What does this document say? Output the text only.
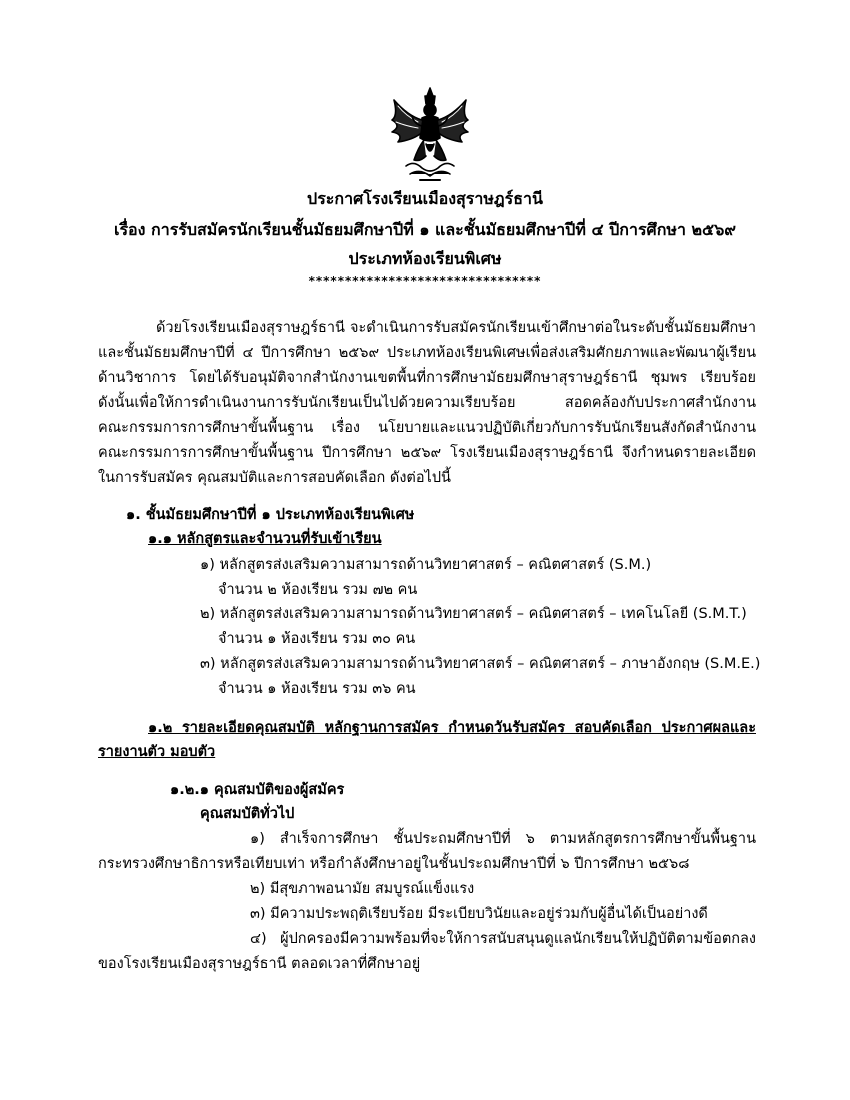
ประกาศโรงเรียนเมืองสุราษฎร์ธานี
เรื่อง การรับสมัครนักเรียนชั้นมัธยมศึกษาปีที่ ๑ และชั้นมัธยมศึกษาปีที่ ๔ ปีการศึกษา ๒๕๖๙
ประเภทห้องเรียนพิเศษ
********************************
ด้วยโรงเรียนเมืองสุราษฎร์ธานี จะดำเนินการรับสมัครนักเรียนเข้าศึกษาต่อในระดับชั้นมัธยมศึกษา
และชั้นมัธยมศึกษาปีที่ ๔ ปีการศึกษา ๒๕๖๙ ประเภทห้องเรียนพิเศษเพื่อส่งเสริมศักยภาพและพัฒนาผู้เรียน
ด้านวิชาการ โดยได้รับอนุมัติจากสำนักงานเขตพื้นที่การศึกษามัธยมศึกษาสุราษฎร์ธานี ชุมพร เรียบร้อย
ดังนั้นเพื่อให้การดำเนินงานการรับนักเรียนเป็นไปด้วยความเรียบร้อย สอดคล้องกับประกาศสำนักงาน
คณะกรรมการการศึกษาขั้นพื้นฐาน เรื่อง นโยบายและแนวปฏิบัติเกี่ยวกับการรับนักเรียนสังกัดสำนักงาน
คณะกรรมการการศึกษาขั้นพื้นฐาน ปีการศึกษา ๒๕๖๙ โรงเรียนเมืองสุราษฎร์ธานี จึงกำหนดรายละเอียด
ในการรับสมัคร คุณสมบัติและการสอบคัดเลือก ดังต่อไปนี้
๑. ชั้นมัธยมศึกษาปีที่ ๑ ประเภทห้องเรียนพิเศษ
๑.๑ หลักสูตรและจำนวนที่รับเข้าเรียน
๑) หลักสูตรส่งเสริมความสามารถด้านวิทยาศาสตร์ – คณิตศาสตร์ (S.M.)
จำนวน ๒ ห้องเรียน รวม ๗๒ คน
๒) หลักสูตรส่งเสริมความสามารถด้านวิทยาศาสตร์ – คณิตศาสตร์ – เทคโนโลยี (S.M.T.)
จำนวน ๑ ห้องเรียน รวม ๓๐ คน
๓) หลักสูตรส่งเสริมความสามารถด้านวิทยาศาสตร์ – คณิตศาสตร์ – ภาษาอังกฤษ (S.M.E.)
จำนวน ๑ ห้องเรียน รวม ๓๖ คน
๑.๒ รายละเอียดคุณสมบัติ หลักฐานการสมัคร กำหนดวันรับสมัคร สอบคัดเลือก ประกาศผลและ
รายงานตัว มอบตัว
๑.๒.๑ คุณสมบัติของผู้สมัคร
คุณสมบัติทั่วไป
๑) สำเร็จการศึกษา ชั้นประถมศึกษาปีที่ ๖ ตามหลักสูตรการศึกษาขั้นพื้นฐาน
กระทรวงศึกษาธิการหรือเทียบเท่า หรือกำลังศึกษาอยู่ในชั้นประถมศึกษาปีที่ ๖ ปีการศึกษา ๒๕๖๘
๒) มีสุขภาพอนามัย สมบูรณ์แข็งแรง
๓) มีความประพฤติเรียบร้อย มีระเบียบวินัยและอยู่ร่วมกับผู้อื่นได้เป็นอย่างดี
๔) ผู้ปกครองมีความพร้อมที่จะให้การสนับสนุนดูแลนักเรียนให้ปฏิบัติตามข้อตกลง
ของโรงเรียนเมืองสุราษฎร์ธานี ตลอดเวลาที่ศึกษาอยู่
